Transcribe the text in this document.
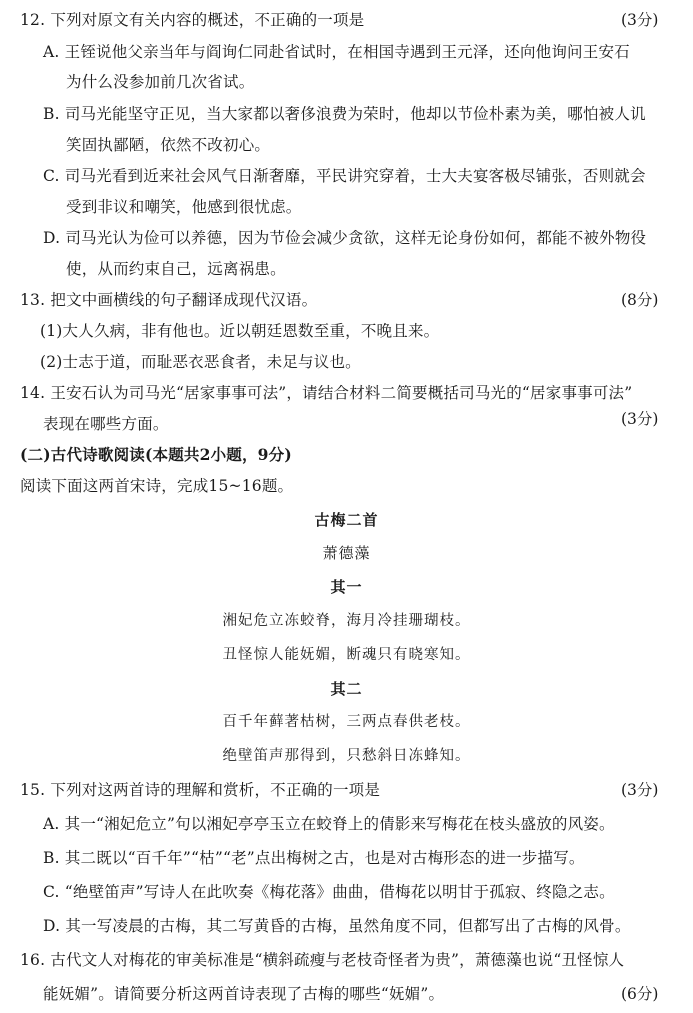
12. 下列对原文有关内容的概述，不正确的一项是	(3分)
A. 王铚说他父亲当年与阎询仁同赴省试时，在相国寺遇到王元泽，还向他询问王安石
为什么没参加前几次省试。
B. 司马光能坚守正见，当大家都以奢侈浪费为荣时，他却以节俭朴素为美，哪怕被人讥
笑固执鄙陋，依然不改初心。
C. 司马光看到近来社会风气日渐奢靡，平民讲究穿着，士大夫宴客极尽铺张，否则就会
受到非议和嘲笑，他感到很忧虑。
D. 司马光认为俭可以养德，因为节俭会减少贪欲，这样无论身份如何，都能不被外物役
使，从而约束自己，远离祸患。
13. 把文中画横线的句子翻译成现代汉语。	(8分)
(1)大人久病，非有他也。近以朝廷恩数至重，不晚且来。
(2)士志于道，而耻恶衣恶食者，未足与议也。
14. 王安石认为司马光“居家事事可法”，请结合材料二简要概括司马光的“居家事事可法”
表现在哪些方面。	(3分)
(二)古代诗歌阅读(本题共2小题，9分)
阅读下面这两首宋诗，完成15~16题。
古梅二首
萧德藻
其一
湘妃危立冻蛟脊，海月冷挂珊瑚枝。
丑怪惊人能妩媚，断魂只有晓寒知。
其二
百千年藓著枯树，三两点春供老枝。
绝壁笛声那得到，只愁斜日冻蜂知。
15. 下列对这两首诗的理解和赏析，不正确的一项是	(3分)
A. 其一“湘妃危立”句以湘妃亭亭玉立在蛟脊上的倩影来写梅花在枝头盛放的风姿。
B. 其二既以“百千年”“枯”“老”点出梅树之古，也是对古梅形态的进一步描写。
C. “绝壁笛声”写诗人在此吹奏《梅花落》曲曲，借梅花以明甘于孤寂、终隐之志。
D. 其一写凌晨的古梅，其二写黄昏的古梅，虽然角度不同，但都写出了古梅的风骨。
16. 古代文人对梅花的审美标准是“横斜疏瘦与老枝奇怪者为贵”，萧德藻也说“丑怪惊人
能妩媚”。请简要分析这两首诗表现了古梅的哪些“妩媚”。	(6分)
